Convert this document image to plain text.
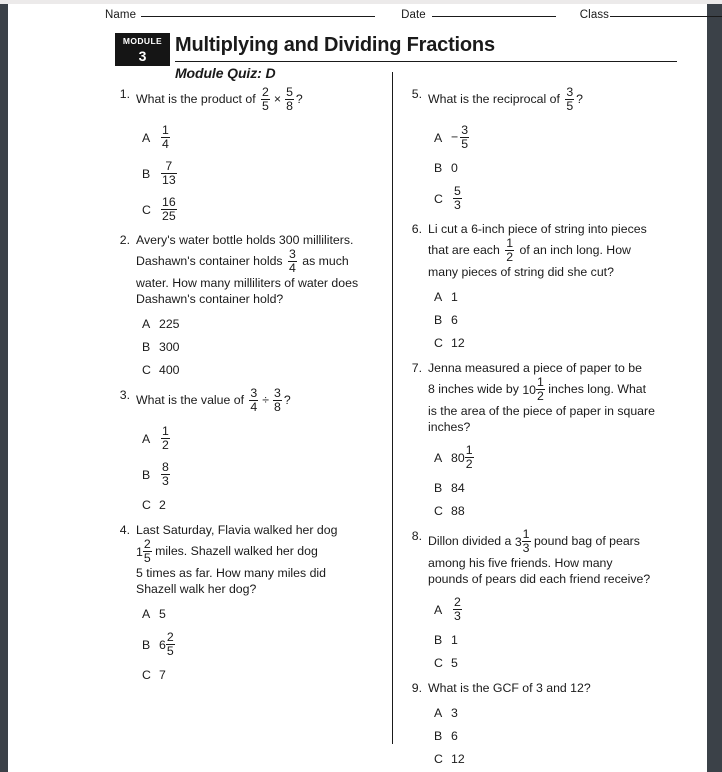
Name	Date	Class
MODULE
3	Multiplying and Dividing Fractions
Module Quiz: D
1. What is the product of $\frac{2}{5} \times \frac{5}{8}$ ?
A $\frac{1}{4}$
B $\frac{7}{13}$
C $\frac{16}{25}$
2. Avery's water bottle holds 300 milliliters.
Dashawn's container holds $\frac{3}{4}$ as much
water. How many milliliters of water does
Dashawn's container hold?
A 225
B 300
C 400
3. What is the value of $\frac{3}{4} \div \frac{3}{8}$ ?
A $\frac{1}{2}$
B $\frac{8}{3}$
C 2
4. Last Saturday, Flavia walked her dog
$1 \frac{2}{5}$ miles. Shazell walked her dog
5 times as far. How many miles did
Shazell walk her dog?
A 5
B $6 \frac{2}{5}$
C 7
5. What is the reciprocal of $\frac{3}{5}$ ?
$A - \frac{3}{5}$
B 0
C $\frac{5}{3}$
6. Li cut a 6-inch piece of string into pieces
that are each $\frac{1}{2}$ of an inch long. How
many pieces of string did she cut?
A 1
B 6
C 12
7. Jenna measured a piece of paper to be
8 inches wide by $10 \frac{1}{2}$ inches long. What
is the area of the piece of paper in square
inches?
A $80 \frac{1}{2}$
B 84
C 88
8. Dillon divided a $3 \frac{1}{3}$ pound bag of pears
among his five friends. How many
pounds of pears did each friend receive?
A $\frac{2}{3}$
B 1
C 5
9. What is the GCF of 3 and 12?
A 3
B 6
C 12
